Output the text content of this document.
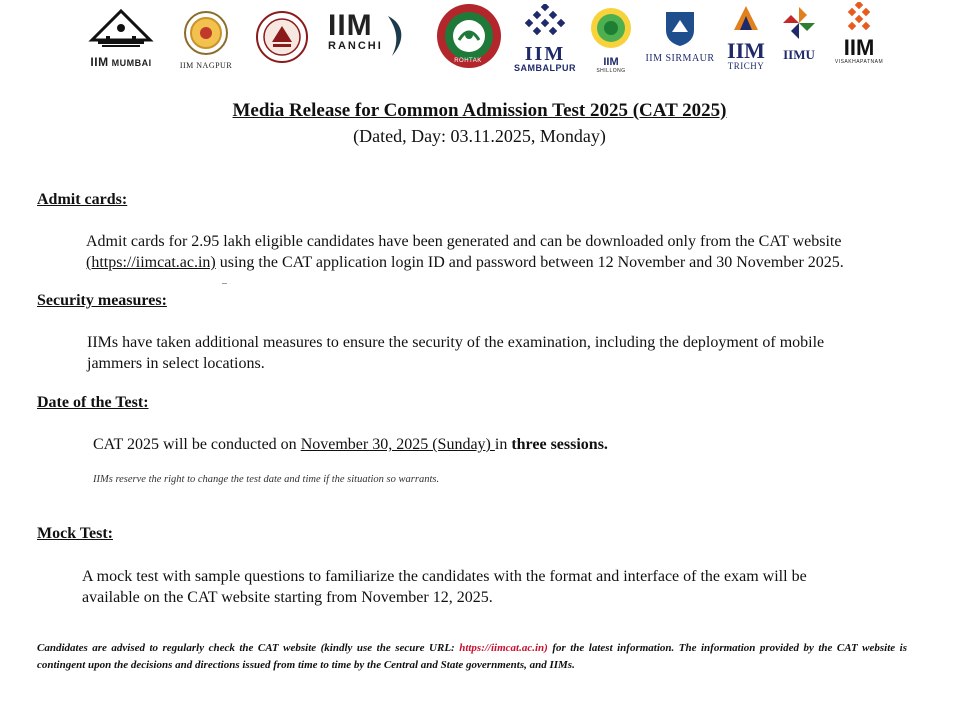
IIM MUMBAI	IIM NAGPUR
IIM
RANCHI
ROHTAK	IIM
SAMBALPUR	IIM
SHILLONG
IIM SIRMAUR IIM
TRICHY
IIMU	IIM
VISAKHAPATNAM
Media Release for Common Admission Test 2025 (CAT 2025)
(Dated, Day: 03.11.2025, Monday)
Admit cards:
Admit cards for 2.95 lakh eligible candidates have been generated and can be downloaded only from the CAT website
(https://iimcat.ac.in) using the CAT application login ID and password between 12 November and 30 November 2025.
–
Security measures:
IIMs have taken additional measures to ensure the security of the examination, including the deployment of mobile
jammers in select locations.
Date of the Test:
CAT 2025 will be conducted on November 30, 2025 (Sunday) in three sessions.
IIMs reserve the right to change the test date and time if the situation so warrants.
Mock Test:
A mock test with sample questions to familiarize the candidates with the format and interface of the exam will be
available on the CAT website starting from November 12, 2025.
Candidates are advised to regularly check the CAT website (kindly use the secure URL: https://iimcat.ac.in) for the latest information. The information provided by the CAT website is contingent upon the decisions and directions issued from time to time by the Central and State governments, and IIMs.
